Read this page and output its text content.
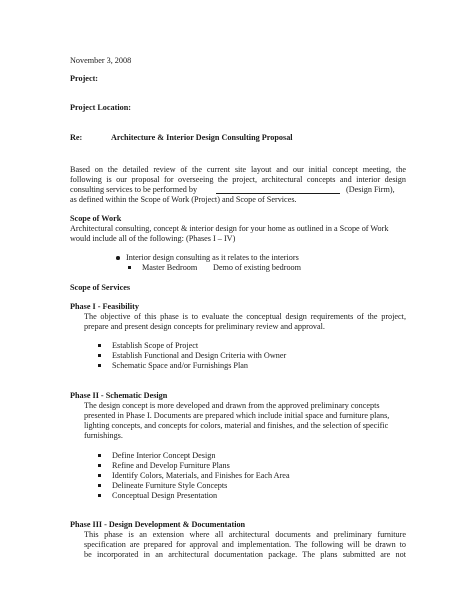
November 3, 2008

Project:

Project Location:

Re:	Architecture & Interior Design Consulting Proposal

Based on the detailed review of the current site layout and our initial concept meeting, the

following is our proposal for overseeing the project, architectural concepts and interior design

consulting services to be performed by	(Design Firm),

as defined within the Scope of Work (Project) and Scope of Services.

Scope of Work

Architectural consulting, concept & interior design for your home as outlined in a Scope of Work

would include all of the following: (Phases I – IV)

Interior design consulting as it relates to the interiors

Master Bedroom Demo of existing bedroom

Scope of Services

Phase I - Feasibility

The objective of this phase is to evaluate the conceptual design requirements of the project,

prepare and present design concepts for preliminary review and approval.

Establish Scope of Project

Establish Functional and Design Criteria with Owner

Schematic Space and/or Furnishings Plan

Phase II - Schematic Design

The design concept is more developed and drawn from the approved preliminary concepts

presented in Phase I. Documents are prepared which include initial space and furniture plans,

lighting concepts, and concepts for colors, material and finishes, and the selection of specific

furnishings.

Define Interior Concept Design

Refine and Develop Furniture Plans

Identify Colors, Materials, and Finishes for Each Area

Delineate Furniture Style Concepts

Conceptual Design Presentation

Phase III - Design Development & Documentation

This phase is an extension where all architectural documents and preliminary furniture

specification are prepared for approval and implementation. The following will be drawn to

be incorporated in an architectural documentation package. The plans submitted are not
